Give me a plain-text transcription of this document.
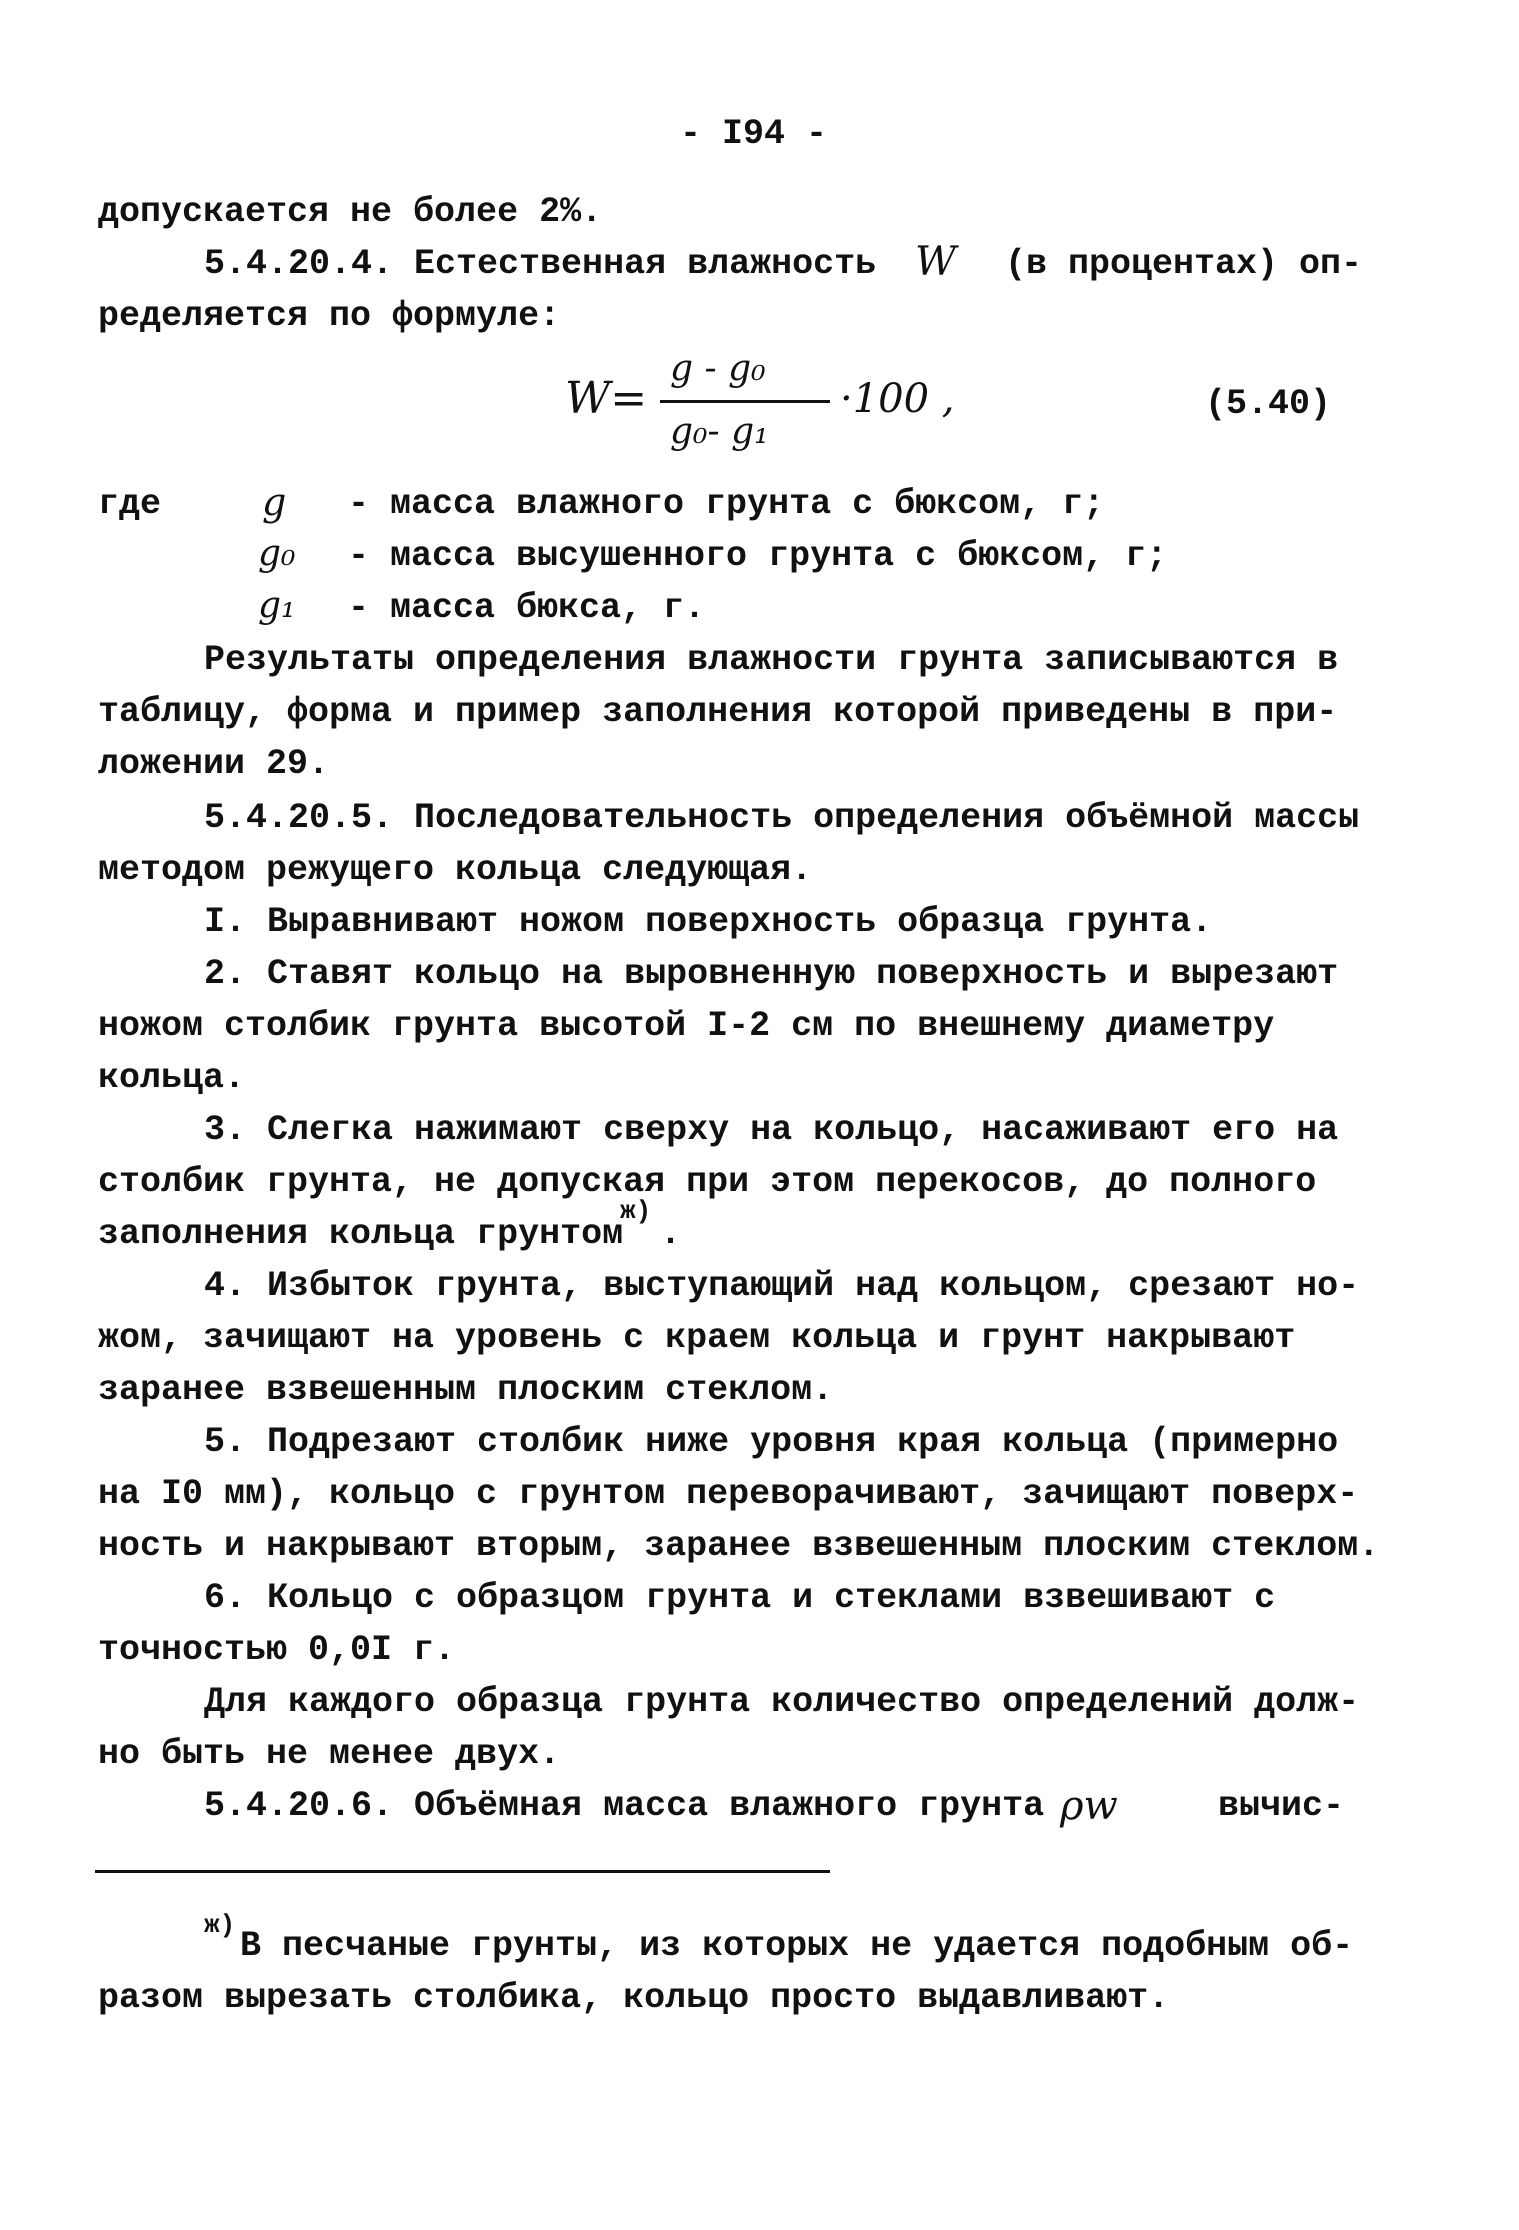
- I94 -
допускается не более 2%.
5.4.20.4. Естественная влажность W (в процентах) оп-
ределяется по формуле:
W=
g - g₀
g₀- g₁
·100 ,	(5.40)
где	g - масса влажного грунта с бюксом, г;
g₀ - масса высушенного грунта с бюксом, г;
g₁ - масса бюкса, г.
Результаты определения влажности грунта записываются в
таблицу, форма и пример заполнения которой приведены в при-
ложении 29.
5.4.20.5. Последовательность определения объёмной массы
методом режущего кольца следующая.
I. Выравнивают ножом поверхность образца грунта.
2. Ставят кольцо на выровненную поверхность и вырезают
ножом столбик грунта высотой I-2 см по внешнему диаметру
кольца.
3. Слегка нажимают сверху на кольцо, насаживают его на
столбик грунта, не допуская при этом перекосов, до полного
заполнения кольца грунтом
ж)
.
4. Избыток грунта, выступающий над кольцом, срезают но-
жом, зачищают на уровень с краем кольца и грунт накрывают
заранее взвешенным плоским стеклом.
5. Подрезают столбик ниже уровня края кольца (примерно
на I0 мм), кольцо с грунтом переворачивают, зачищают поверх-
ность и накрывают вторым, заранее взвешенным плоским стеклом.
6. Кольцо с образцом грунта и стеклами взвешивают с
точностью 0,0I г.
Для каждого образца грунта количество определений долж-
но быть не менее двух.
5.4.20.6. Объёмная масса влажного грунта ρw	вычис-
ж)
В песчаные грунты, из которых не удается подобным об-
разом вырезать столбика, кольцо просто выдавливают.
